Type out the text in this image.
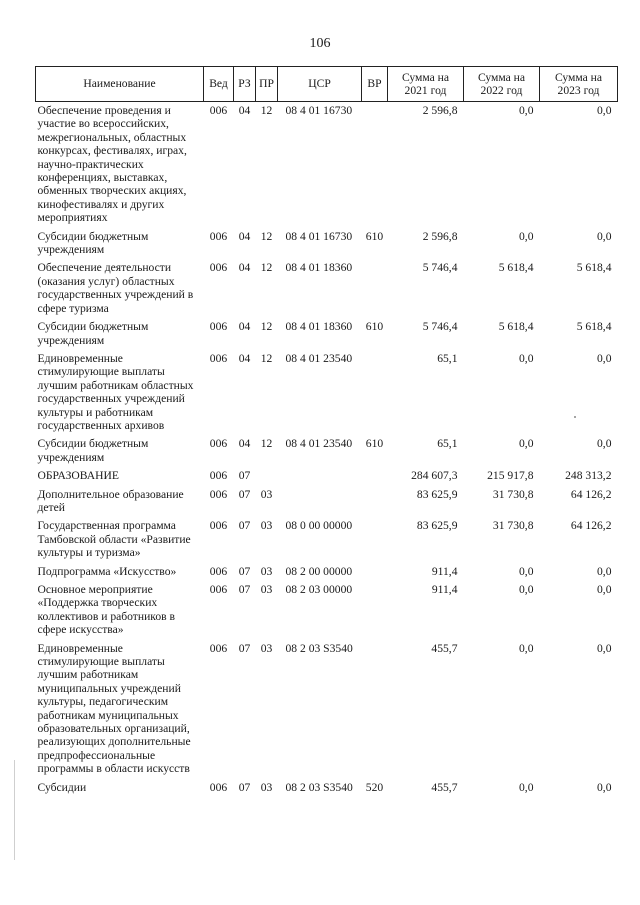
106
Наименование	Вед	РЗ	ПР	ЦСР	ВР	Сумма на 2021 год	Сумма на 2022 год	Сумма на 2023 год
Обеспечение проведения и участие во всероссийских, межрегиональных, областных конкурсах, фестивалях, играх, научно-практических конференциях, выставках, обменных творческих акциях, кинофестивалях и других мероприятиях	006	04	12	08 4 01 16730		2 596,8	0,0	0,0
Субсидии бюджетным учреждениям	006	04	12	08 4 01 16730	610	2 596,8	0,0	0,0
Обеспечение деятельности (оказания услуг) областных государственных учреждений в сфере туризма	006	04	12	08 4 01 18360		5 746,4	5 618,4	5 618,4
Субсидии бюджетным учреждениям	006	04	12	08 4 01 18360	610	5 746,4	5 618,4	5 618,4
Единовременные стимулирующие выплаты лучшим работникам областных государственных учреждений культуры и работникам государственных архивов	006	04	12	08 4 01 23540		65,1	0,0	0,0
Субсидии бюджетным учреждениям	006	04	12	08 4 01 23540	610	65,1	0,0	0,0
ОБРАЗОВАНИЕ	006	07				284 607,3	215 917,8	248 313,2
Дополнительное образование детей	006	07	03			83 625,9	31 730,8	64 126,2
Государственная программа Тамбовской области «Развитие культуры и туризма»	006	07	03	08 0 00 00000		83 625,9	31 730,8	64 126,2
Подпрограмма «Искусство»	006	07	03	08 2 00 00000		911,4	0,0	0,0
Основное мероприятие «Поддержка творческих коллективов и работников в сфере искусства»	006	07	03	08 2 03 00000		911,4	0,0	0,0
Единовременные стимулирующие выплаты лучшим работникам муниципальных учреждений культуры, педагогическим работникам муниципальных образовательных организаций, реализующих дополнительные предпрофессиональные программы в области искусств	006	07	03	08 2 03 S3540		455,7	0,0	0,0
Субсидии	006	07	03	08 2 03 S3540	520	455,7	0,0	0,0
